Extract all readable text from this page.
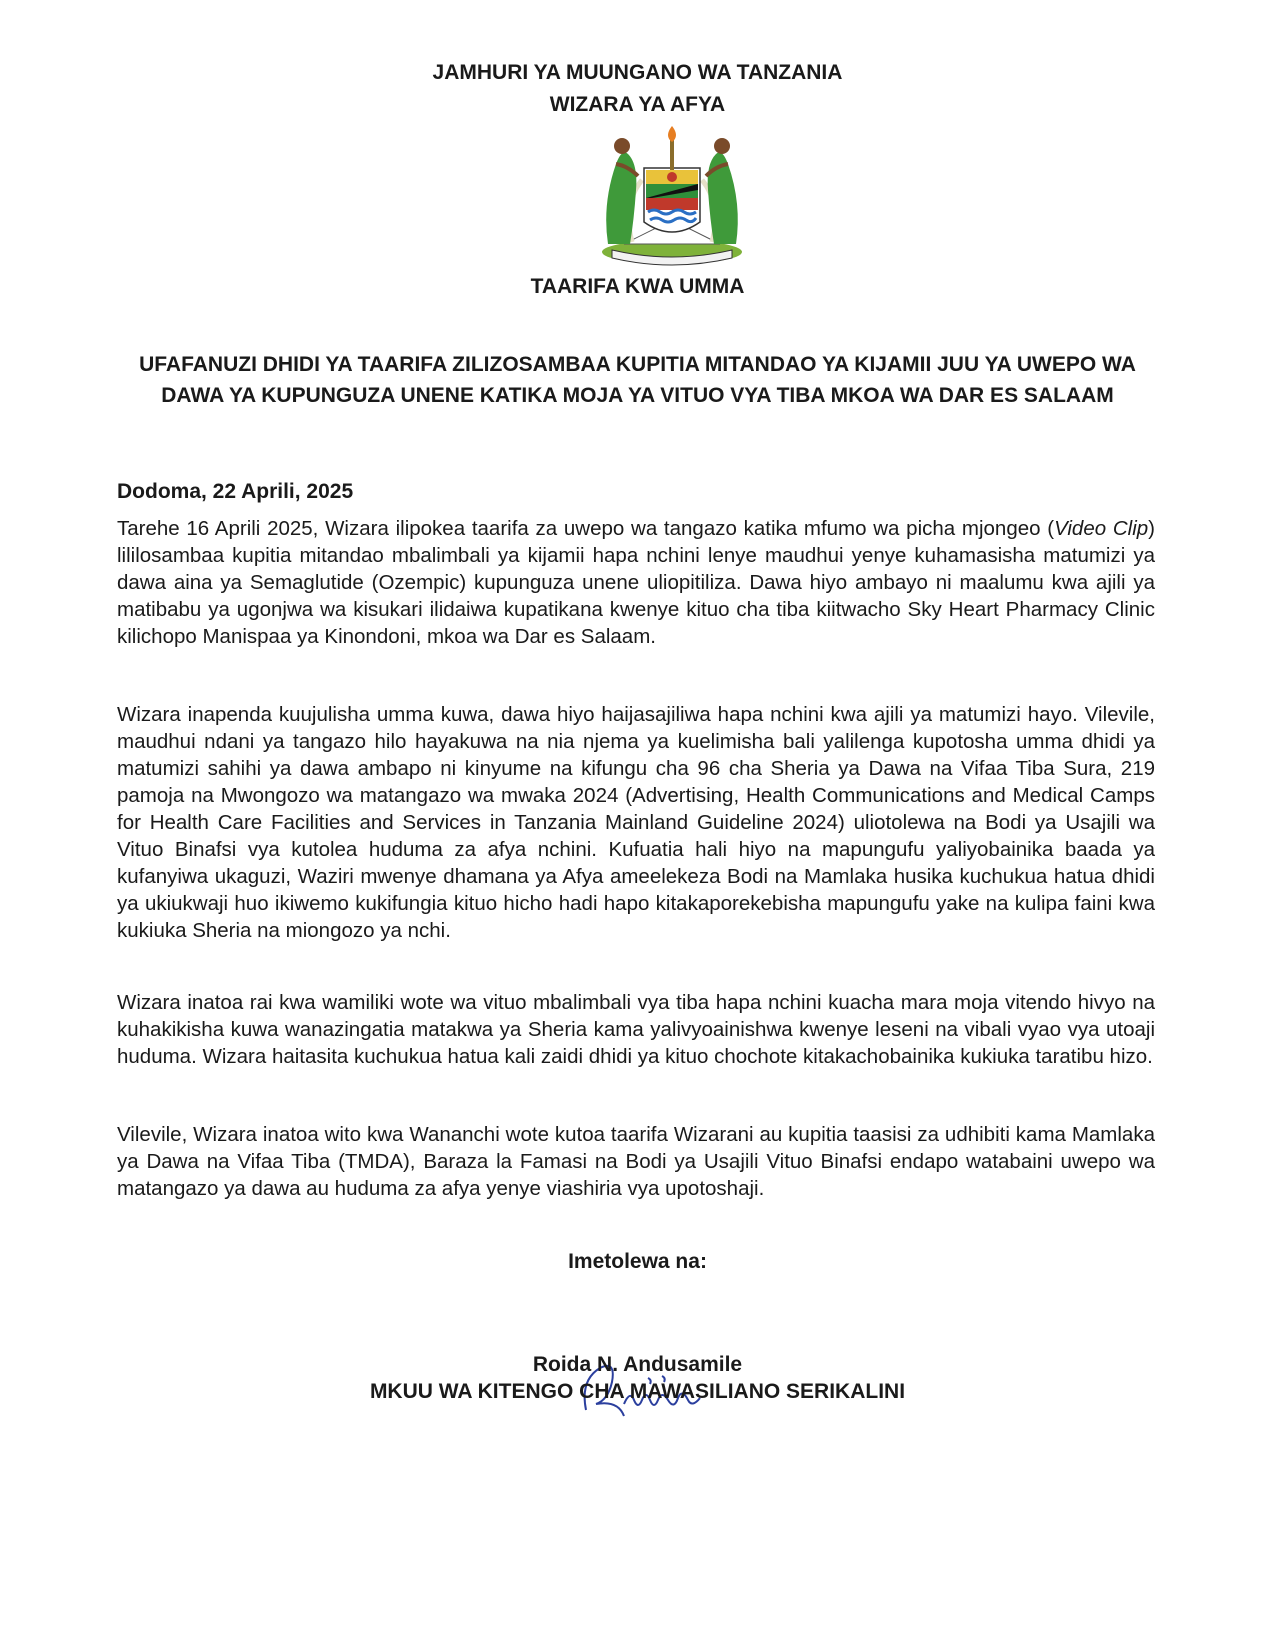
JAMHURI YA MUUNGANO WA TANZANIA

WIZARA YA AFYA

TAARIFA KWA UMMA

UFAFANUZI DHIDI YA TAARIFA ZILIZOSAMBAA KUPITIA MITANDAO YA KIJAMII JUU YA UWEPO WA DAWA YA KUPUNGUZA UNENE KATIKA MOJA YA VITUO VYA TIBA MKOA WA DAR ES SALAAM

Dodoma, 22 Aprili, 2025

Tarehe 16 Aprili 2025, Wizara ilipokea taarifa za uwepo wa tangazo katika mfumo wa picha mjongeo (Video Clip) lililosambaa kupitia mitandao mbalimbali ya kijamii hapa nchini lenye maudhui yenye kuhamasisha matumizi ya dawa aina ya Semaglutide (Ozempic) kupunguza unene uliopitiliza. Dawa hiyo ambayo ni maalumu kwa ajili ya matibabu ya ugonjwa wa kisukari ilidaiwa kupatikana kwenye kituo cha tiba kiitwacho Sky Heart Pharmacy Clinic kilichopo Manispaa ya Kinondoni, mkoa wa Dar es Salaam.

Wizara inapenda kuujulisha umma kuwa, dawa hiyo haijasajiliwa hapa nchini kwa ajili ya matumizi hayo. Vilevile, maudhui ndani ya tangazo hilo hayakuwa na nia njema ya kuelimisha bali yalilenga kupotosha umma dhidi ya matumizi sahihi ya dawa ambapo ni kinyume na kifungu cha 96 cha Sheria ya Dawa na Vifaa Tiba Sura, 219 pamoja na Mwongozo wa matangazo wa mwaka 2024 (Advertising, Health Communications and Medical Camps for Health Care Facilities and Services in Tanzania Mainland Guideline 2024) uliotolewa na Bodi ya Usajili wa Vituo Binafsi vya kutolea huduma za afya nchini. Kufuatia hali hiyo na mapungufu yaliyobainika baada ya kufanyiwa ukaguzi, Waziri mwenye dhamana ya Afya ameelekeza Bodi na Mamlaka husika kuchukua hatua dhidi ya ukiukwaji huo ikiwemo kukifungia kituo hicho hadi hapo kitakaporekebisha mapungufu yake na kulipa faini kwa kukiuka Sheria na miongozo ya nchi.

Wizara inatoa rai kwa wamiliki wote wa vituo mbalimbali vya tiba hapa nchini kuacha mara moja vitendo hivyo na kuhakikisha kuwa wanazingatia matakwa ya Sheria kama yalivyoainishwa kwenye leseni na vibali vyao vya utoaji huduma. Wizara haitasita kuchukua hatua kali zaidi dhidi ya kituo chochote kitakachobainika kukiuka taratibu hizo.

Vilevile, Wizara inatoa wito kwa Wananchi wote kutoa taarifa Wizarani au kupitia taasisi za udhibiti kama Mamlaka ya Dawa na Vifaa Tiba (TMDA), Baraza la Famasi na Bodi ya Usajili Vituo Binafsi endapo watabaini uwepo wa matangazo ya dawa au huduma za afya yenye viashiria vya upotoshaji.

Imetolewa na:
Roida N. Andusamile
MKUU WA KITENGO CHA MAWASILIANO SERIKALINI
